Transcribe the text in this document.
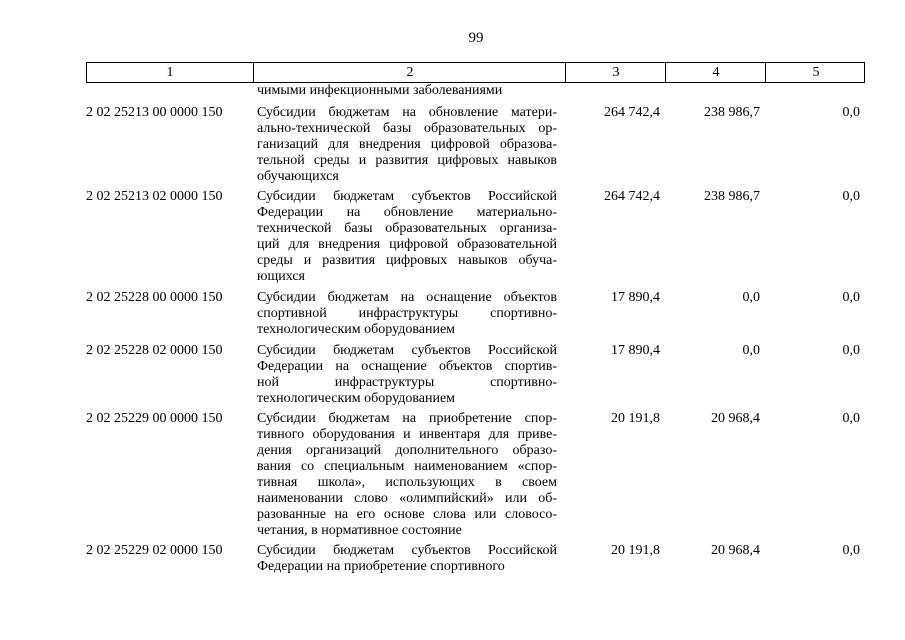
99
1	2	3	4	5
чимыми инфекционными заболеваниями
2 02 25213 00 0000 150	Субсидии бюджетам на обновление матери-
ально-технической базы образовательных ор-
ганизаций для внедрения цифровой образова-
тельной среды и развития цифровых навыков
обучающихся
264 742,4	238 986,7	0,0
2 02 25213 02 0000 150	Субсидии бюджетам субъектов Российской
Федерации на обновление материально-
технической базы образовательных организа-
ций для внедрения цифровой образовательной
среды и развития цифровых навыков обуча-
ющихся
264 742,4	238 986,7	0,0
2 02 25228 00 0000 150	Субсидии бюджетам на оснащение объектов
спортивной инфраструктуры спортивно-
технологическим оборудованием
17 890,4	0,0	0,0
2 02 25228 02 0000 150	Субсидии бюджетам субъектов Российской
Федерации на оснащение объектов спортив-
ной инфраструктуры спортивно-
технологическим оборудованием
17 890,4	0,0	0,0
2 02 25229 00 0000 150	Субсидии бюджетам на приобретение спор-
тивного оборудования и инвентаря для приве-
дения организаций дополнительного образо-
вания со специальным наименованием «спор-
тивная школа», использующих в своем
наименовании слово «олимпийский» или об-
разованные на его основе слова или словосо-
четания, в нормативное состояние
20 191,8	20 968,4	0,0
2 02 25229 02 0000 150	Субсидии бюджетам субъектов Российской
Федерации на приобретение спортивного
20 191,8	20 968,4	0,0
